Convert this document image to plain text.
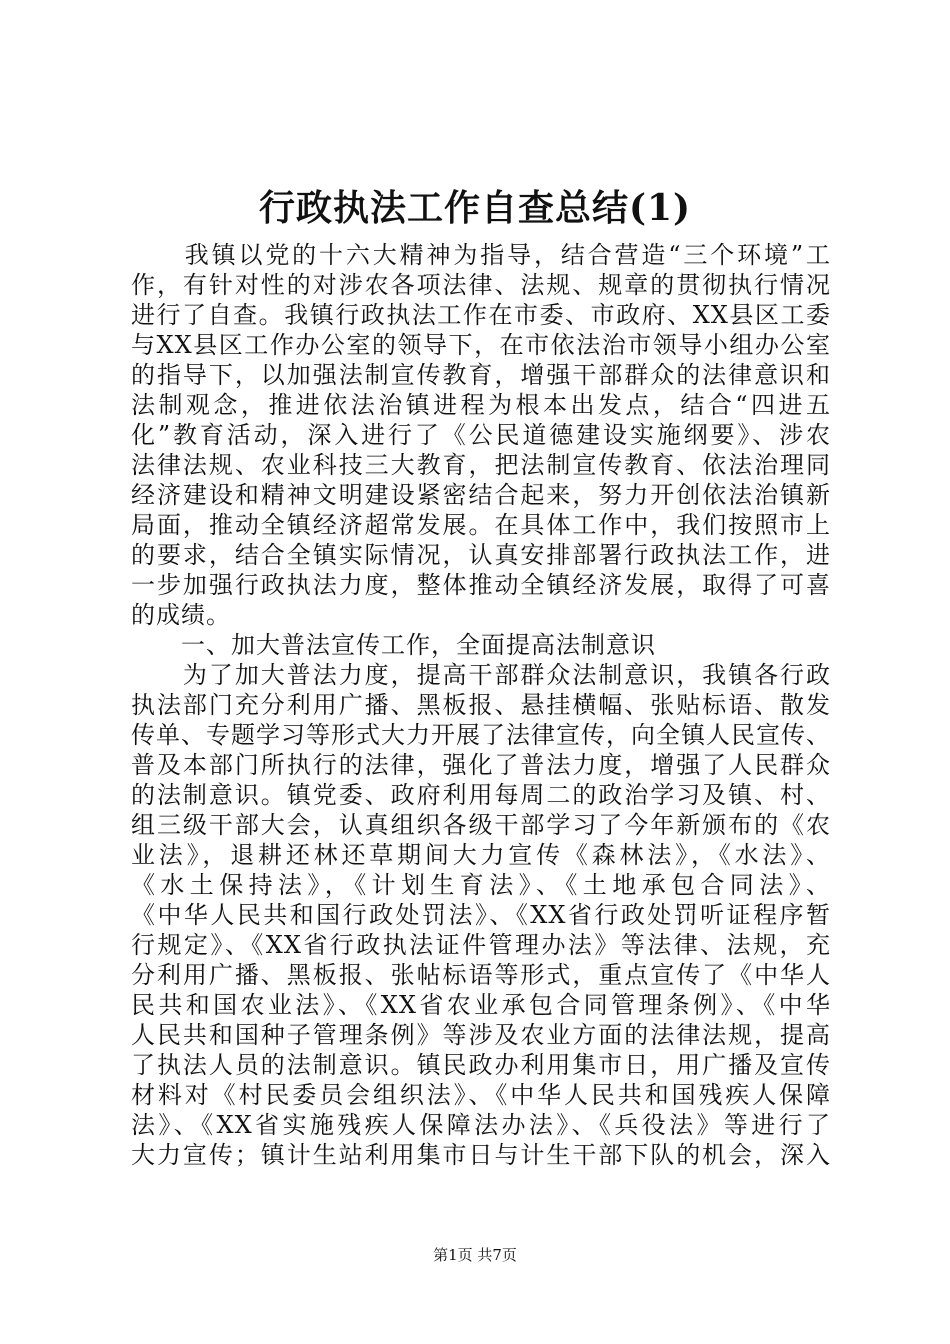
行政执法工作自查总结(1)
　　我镇以党的十六大精神为指导，结合营造“三个环境”工
作，有针对性的对涉农各项法律、法规、规章的贯彻执行情况
进行了自查。我镇行政执法工作在市委、市政府、XX县区工委
与XX县区工作办公室的领导下，在市依法治市领导小组办公室
的指导下，以加强法制宣传教育，增强干部群众的法律意识和
法制观念，推进依法治镇进程为根本出发点，结合“四进五
化”教育活动，深入进行了《公民道德建设实施纲要》、涉农
法律法规、农业科技三大教育，把法制宣传教育、依法治理同
经济建设和精神文明建设紧密结合起来，努力开创依法治镇新
局面，推动全镇经济超常发展。在具体工作中，我们按照市上
的要求，结合全镇实际情况，认真安排部署行政执法工作，进
一步加强行政执法力度，整体推动全镇经济发展，取得了可喜
的成绩。
　　一、加大普法宣传工作，全面提高法制意识
　　为了加大普法力度，提高干部群众法制意识，我镇各行政
执法部门充分利用广播、黑板报、悬挂横幅、张贴标语、散发
传单、专题学习等形式大力开展了法律宣传，向全镇人民宣传、
普及本部门所执行的法律，强化了普法力度，增强了人民群众
的法制意识。镇党委、政府利用每周二的政治学习及镇、村、
组三级干部大会，认真组织各级干部学习了今年新颁布的《农
业法》，退耕还林还草期间大力宣传《森林法》，《水法》、
《水土保持法》，《计划生育法》、《土地承包合同法》、
《中华人民共和国行政处罚法》、《XX省行政处罚听证程序暂
行规定》、《XX省行政执法证件管理办法》等法律、法规，充
分利用广播、黑板报、张帖标语等形式，重点宣传了《中华人
民共和国农业法》、《XX省农业承包合同管理条例》、《中华
人民共和国种子管理条例》等涉及农业方面的法律法规，提高
了执法人员的法制意识。镇民政办利用集市日，用广播及宣传
材料对《村民委员会组织法》、《中华人民共和国残疾人保障
法》、《XX省实施残疾人保障法办法》、《兵役法》等进行了
大力宣传；镇计生站利用集市日与计生干部下队的机会，深入
第1页 共7页
